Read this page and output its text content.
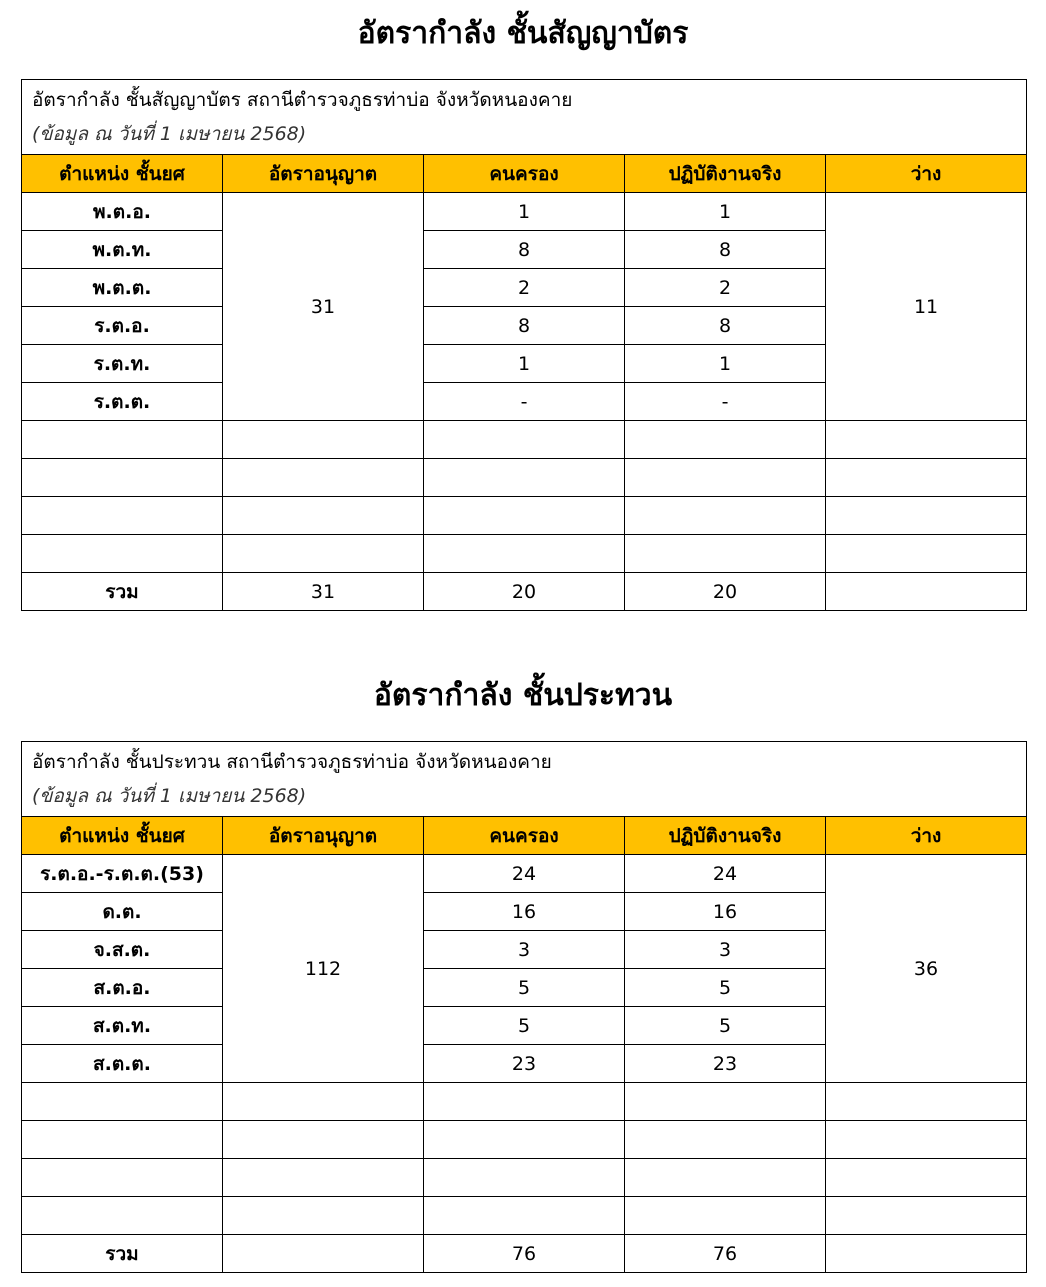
อัตรากำลัง ชั้นสัญญาบัตร
อัตรากำลัง ชั้นสัญญาบัตร สถานีตำรวจภูธรท่าบ่อ จังหวัดหนองคาย
(ข้อมูล ณ วันที่ 1 เมษายน 2568)				

ตำแหน่ง ชั้นยศ	อัตราอนุญาต	คนครอง	ปฏิบัติงานจริง	ว่าง
พ.ต.อ.	31	1	1	11
พ.ต.ท.		8	8	
พ.ต.ต.		2	2	
ร.ต.อ.		8	8	
ร.ต.ท.		1	1	
ร.ต.ต.		-	-	

รวม	31	20	20	
อัตรากำลัง ชั้นประทวน
อัตรากำลัง ชั้นประทวน สถานีตำรวจภูธรท่าบ่อ จังหวัดหนองคาย
(ข้อมูล ณ วันที่ 1 เมษายน 2568)				

ตำแหน่ง ชั้นยศ	อัตราอนุญาต	คนครอง	ปฏิบัติงานจริง	ว่าง
ร.ต.อ.-ร.ต.ต.(53)	112	24	24	36
ด.ต.		16	16	
จ.ส.ต.		3	3	
ส.ต.อ.		5	5	
ส.ต.ท.		5	5	
ส.ต.ต.		23	23	

รวม		76	76	
